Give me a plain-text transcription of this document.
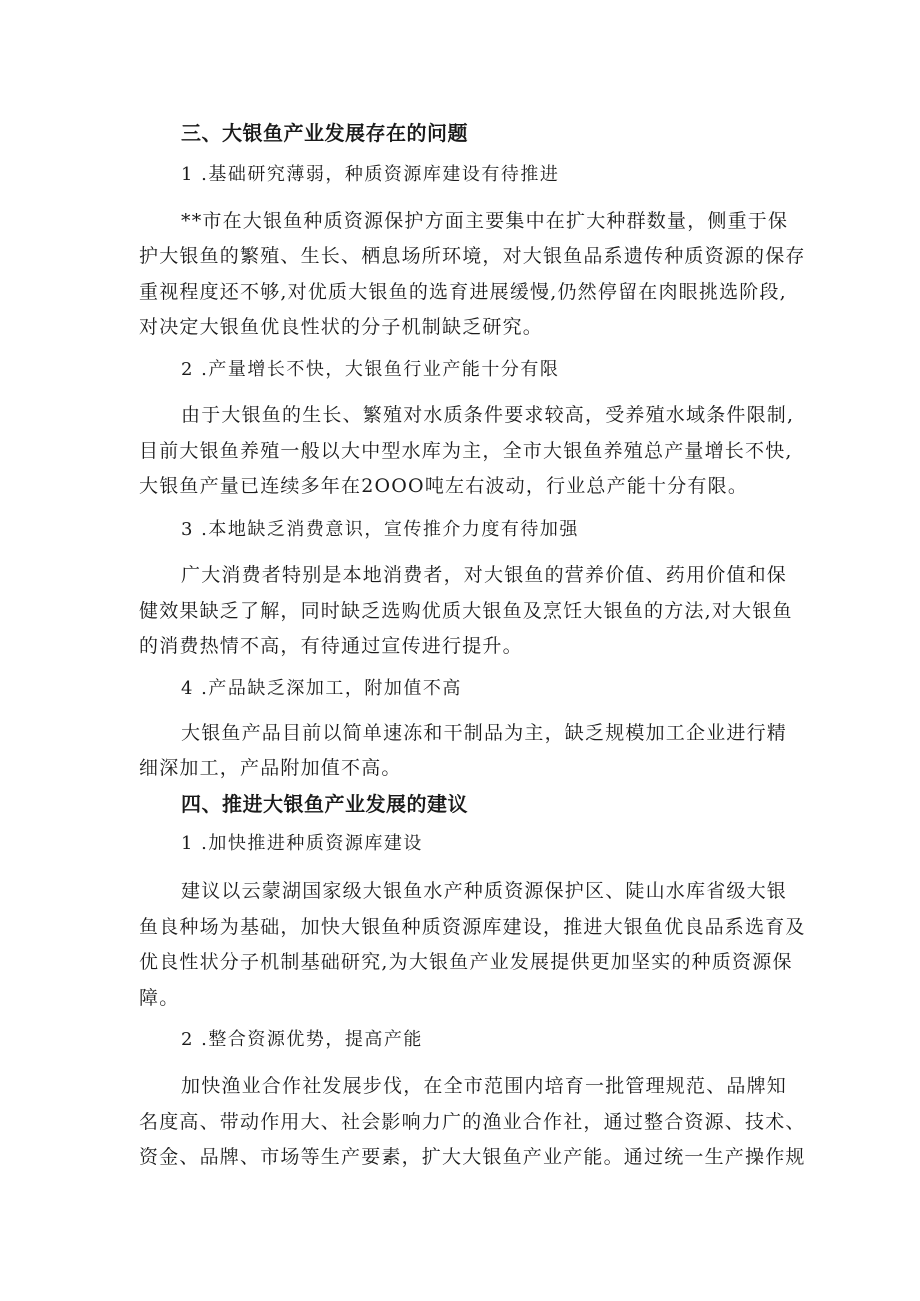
三、大银鱼产业发展存在的问题
1 .基础研究薄弱，种质资源库建设有待推进
**市在大银鱼种质资源保护方面主要集中在扩大种群数量，侧重于保
护大银鱼的繁殖、生长、栖息场所环境，对大银鱼品系遗传种质资源的保存
重视程度还不够,对优质大银鱼的选育进展缓慢,仍然停留在肉眼挑选阶段,
对决定大银鱼优良性状的分子机制缺乏研究。
2 .产量增长不快，大银鱼行业产能十分有限
由于大银鱼的生长、繁殖对水质条件要求较高，受养殖水域条件限制,
目前大银鱼养殖一般以大中型水库为主，全市大银鱼养殖总产量增长不快,
大银鱼产量已连续多年在2OOO吨左右波动，行业总产能十分有限。
3 .本地缺乏消费意识，宣传推介力度有待加强
广大消费者特别是本地消费者，对大银鱼的营养价值、药用价值和保
健效果缺乏了解，同时缺乏选购优质大银鱼及烹饪大银鱼的方法,对大银鱼
的消费热情不高，有待通过宣传进行提升。
4 .产品缺乏深加工，附加值不高
大银鱼产品目前以简单速冻和干制品为主，缺乏规模加工企业进行精
细深加工，产品附加值不高。
四、推进大银鱼产业发展的建议
1 .加快推进种质资源库建设
建议以云蒙湖国家级大银鱼水产种质资源保护区、陡山水库省级大银
鱼良种场为基础，加快大银鱼种质资源库建设，推进大银鱼优良品系选育及
优良性状分子机制基础研究,为大银鱼产业发展提供更加坚实的种质资源保
障。
2 .整合资源优势，提高产能
加快渔业合作社发展步伐，在全市范围内培育一批管理规范、品牌知
名度高、带动作用大、社会影响力广的渔业合作社，通过整合资源、技术、
资金、品牌、市场等生产要素，扩大大银鱼产业产能。通过统一生产操作规
